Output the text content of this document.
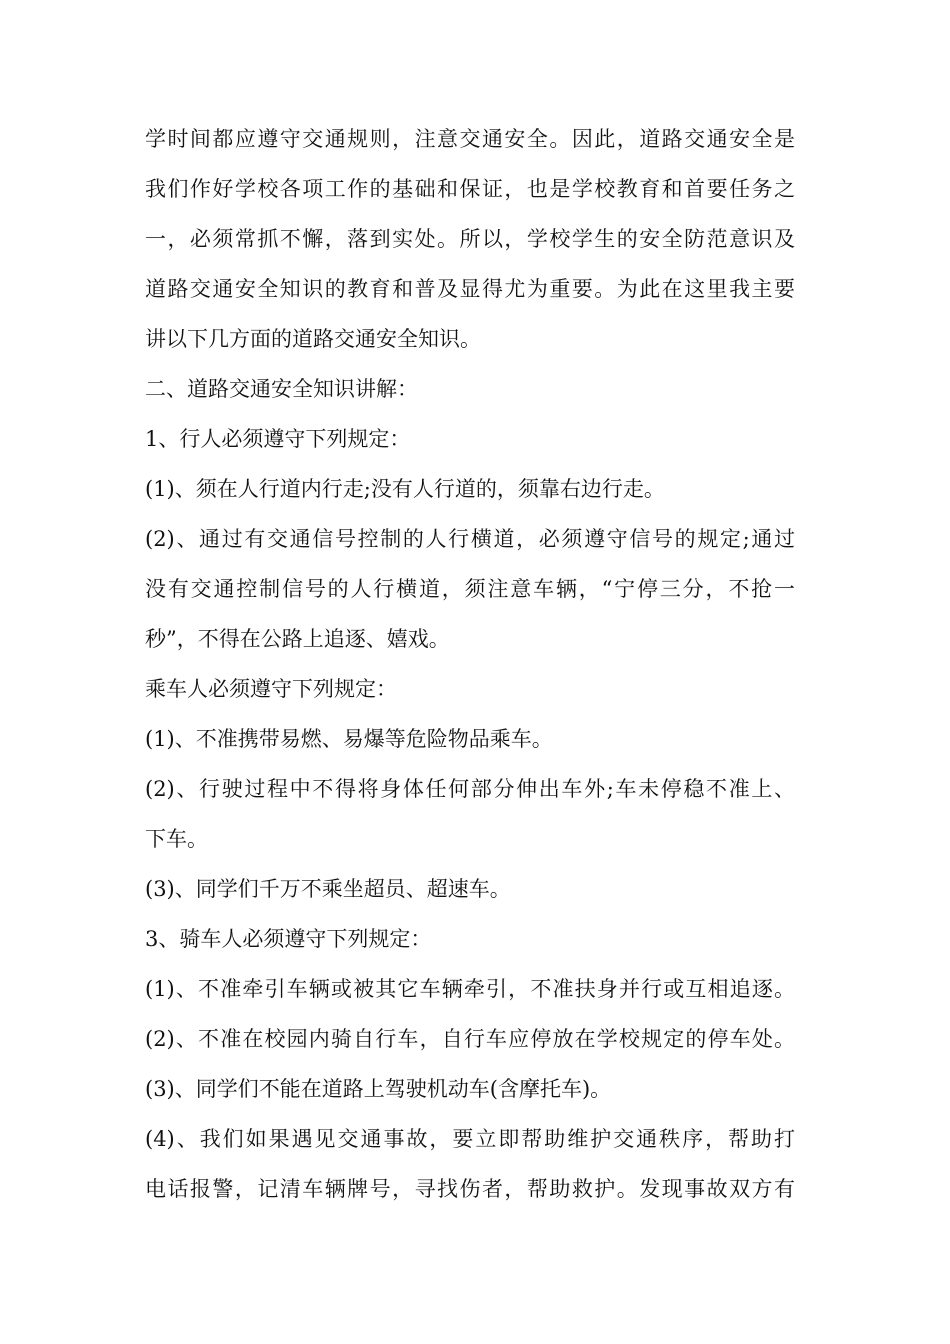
学时间都应遵守交通规则，注意交通安全。因此，道路交通安全是
我们作好学校各项工作的基础和保证，也是学校教育和首要任务之
一，必须常抓不懈，落到实处。所以，学校学生的安全防范意识及
道路交通安全知识的教育和普及显得尤为重要。为此在这里我主要
讲以下几方面的道路交通安全知识。
二、道路交通安全知识讲解：
1、行人必须遵守下列规定：
(1)、须在人行道内行走;没有人行道的，须靠右边行走。
(2)、通过有交通信号控制的人行横道，必须遵守信号的规定;通过
没有交通控制信号的人行横道，须注意车辆，“宁停三分，不抢一
秒”，不得在公路上追逐、嬉戏。
乘车人必须遵守下列规定：
(1)、不准携带易燃、易爆等危险物品乘车。
(2)、行驶过程中不得将身体任何部分伸出车外;车未停稳不准上、
下车。
(3)、同学们千万不乘坐超员、超速车。
3、骑车人必须遵守下列规定：
(1)、不准牵引车辆或被其它车辆牵引，不准扶身并行或互相追逐。
(2)、不准在校园内骑自行车，自行车应停放在学校规定的停车处。
(3)、同学们不能在道路上驾驶机动车(含摩托车)。
(4)、我们如果遇见交通事故，要立即帮助维护交通秩序，帮助打
电话报警，记清车辆牌号，寻找伤者，帮助救护。发现事故双方有
